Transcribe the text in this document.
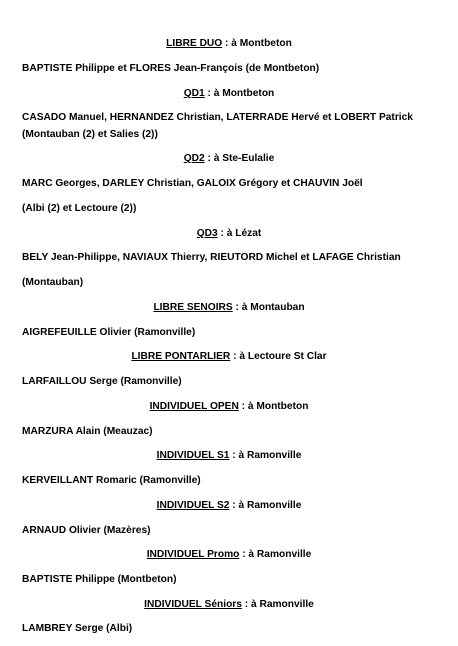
LIBRE DUO : à Montbeton
BAPTISTE Philippe et FLORES Jean-François (de Montbeton)
QD1 : à Montbeton
CASADO Manuel, HERNANDEZ Christian, LATERRADE Hervé et LOBERT Patrick
(Montauban (2) et Salies (2))
QD2 : à Ste-Eulalie
MARC Georges, DARLEY Christian, GALOIX Grégory et CHAUVIN Joël
(Albi (2) et Lectoure (2))
QD3 : à Lézat
BELY Jean-Philippe, NAVIAUX Thierry, RIEUTORD Michel et LAFAGE Christian
(Montauban)
LIBRE SENOIRS : à Montauban
AIGREFEUILLE Olivier (Ramonville)
LIBRE PONTARLIER : à Lectoure St Clar
LARFAILLOU Serge (Ramonville)
INDIVIDUEL OPEN : à Montbeton
MARZURA Alain (Meauzac)
INDIVIDUEL S1 : à Ramonville
KERVEILLANT Romaric (Ramonville)
INDIVIDUEL S2 : à Ramonville
ARNAUD Olivier (Mazères)
INDIVIDUEL Promo : à Ramonville
BAPTISTE Philippe (Montbeton)
INDIVIDUEL Séniors : à Ramonville
LAMBREY Serge (Albi)
